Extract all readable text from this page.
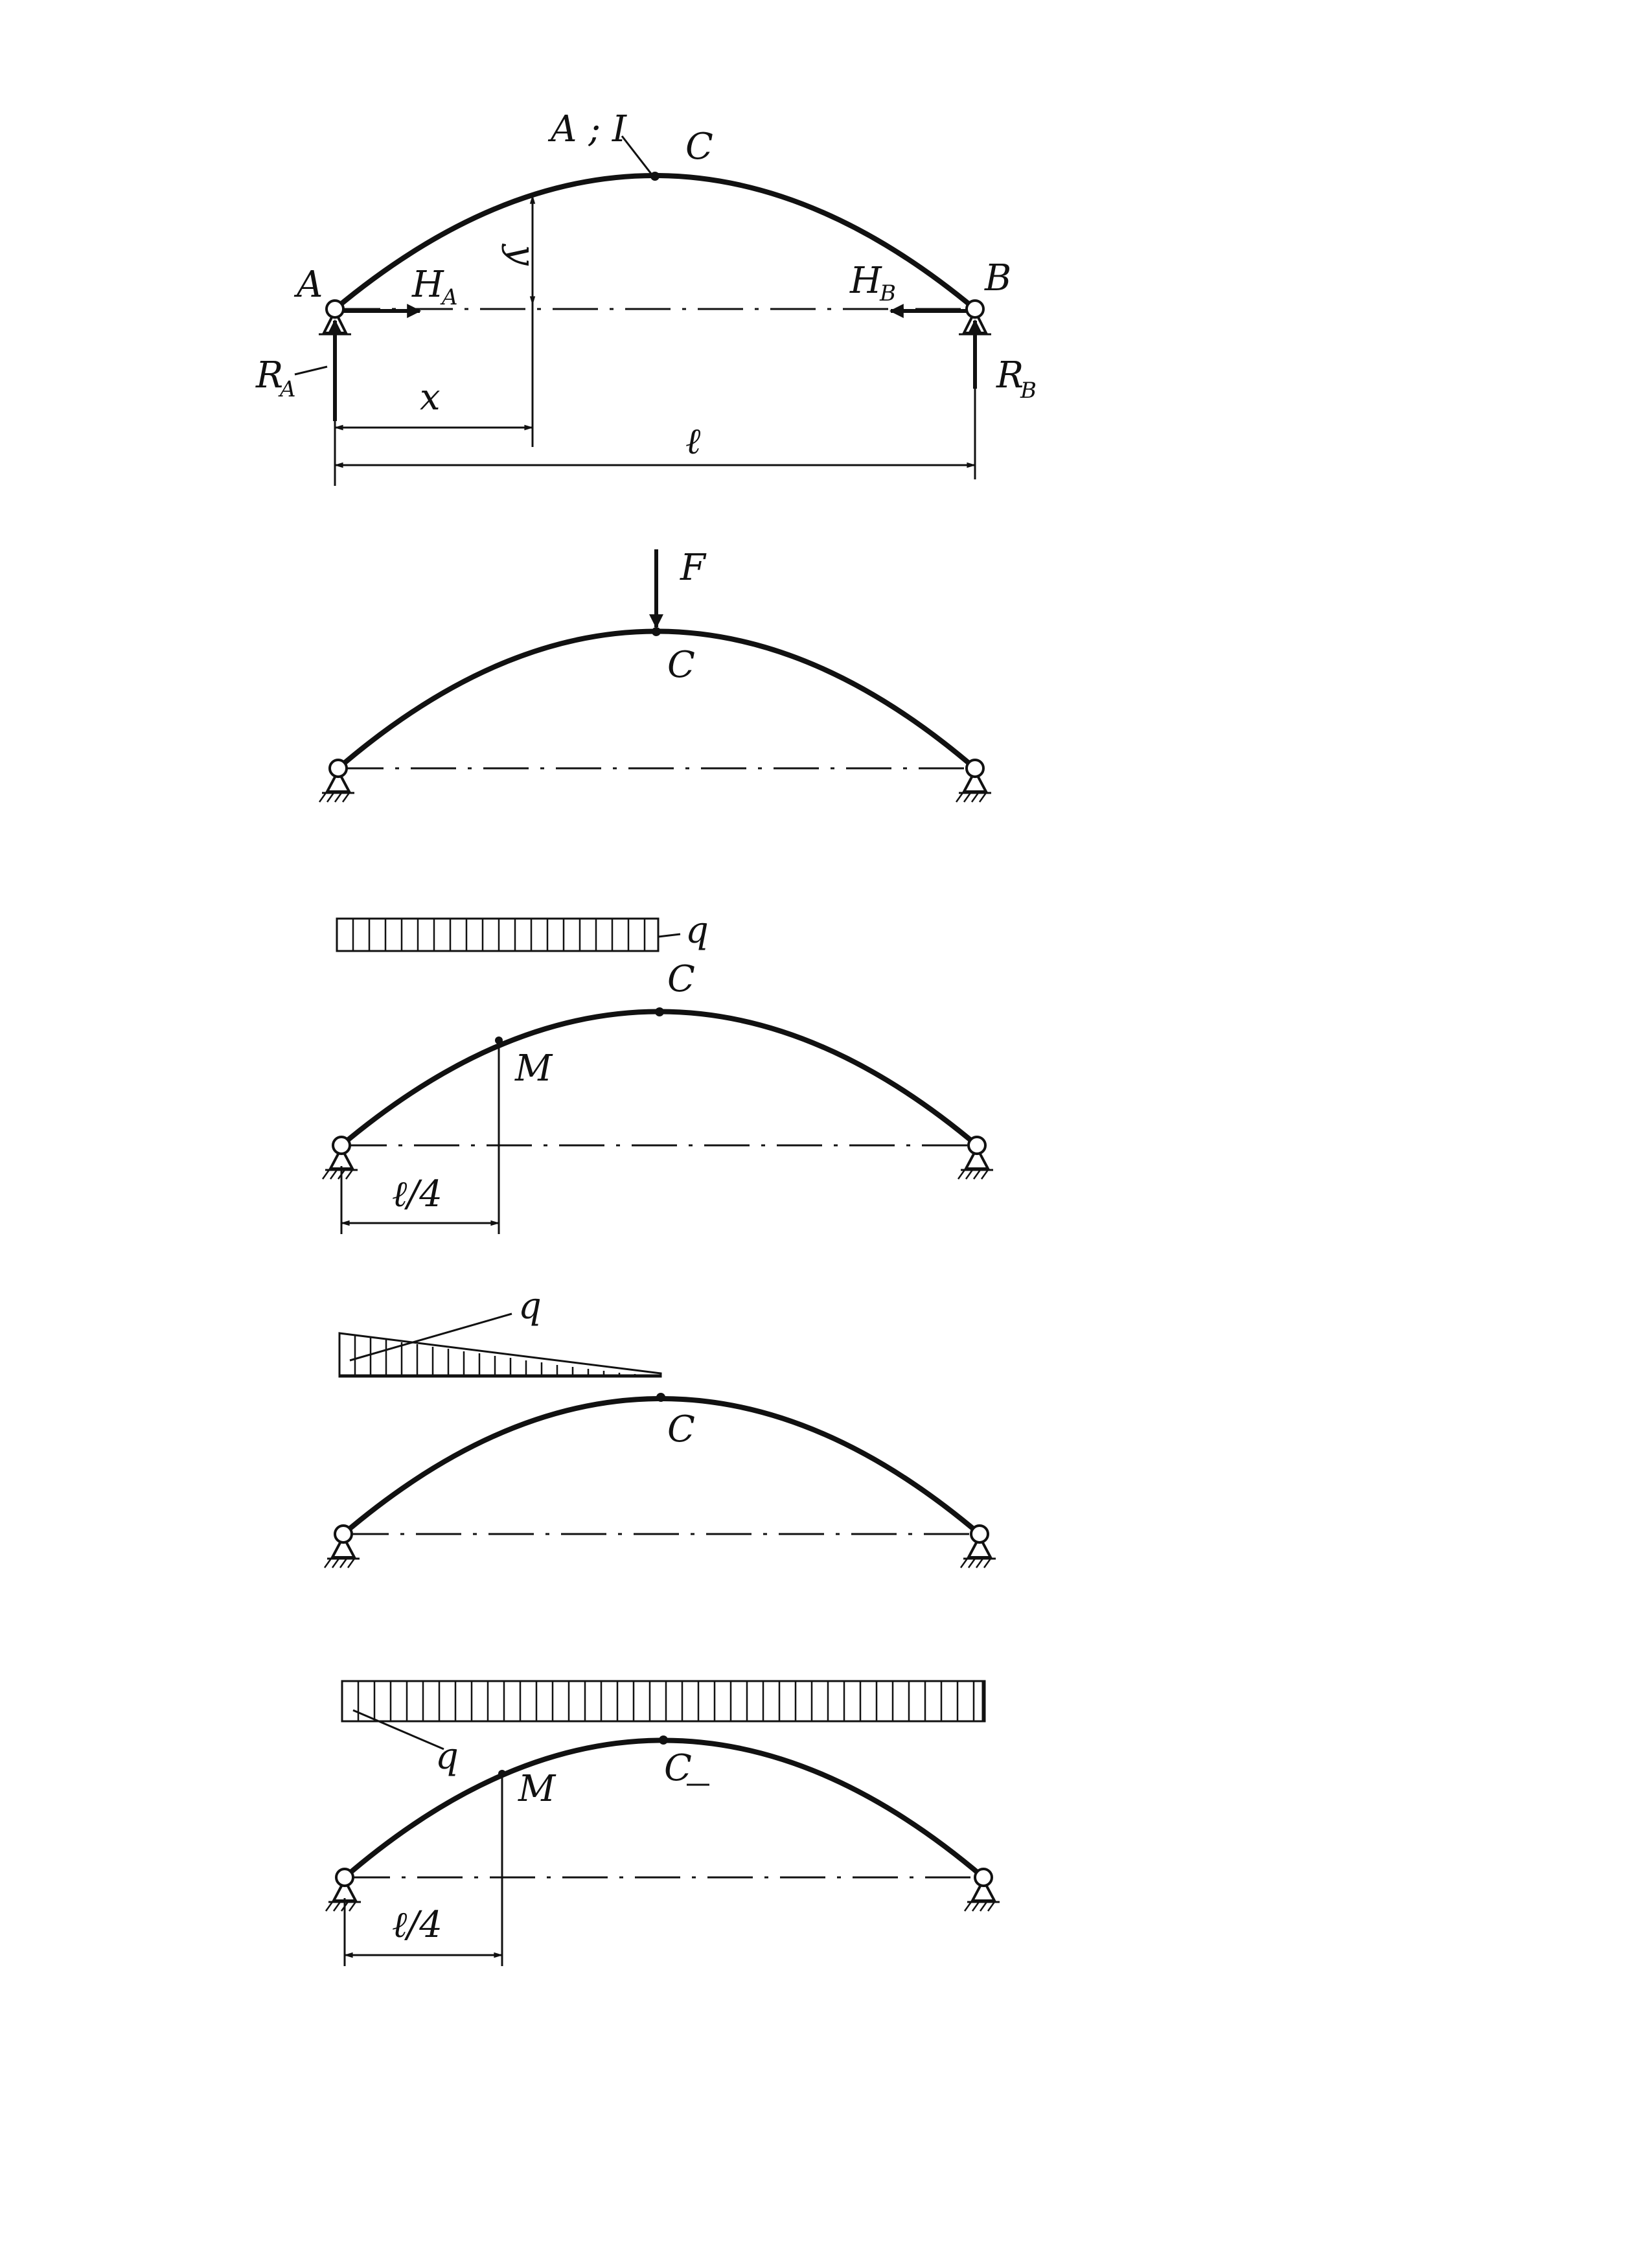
A ; I C
A	B
H
A	H
B
R
A	R
B
y
x
ℓ
F
C
q
C
M
ℓ/4
q
C
q	C
M
ℓ/4
